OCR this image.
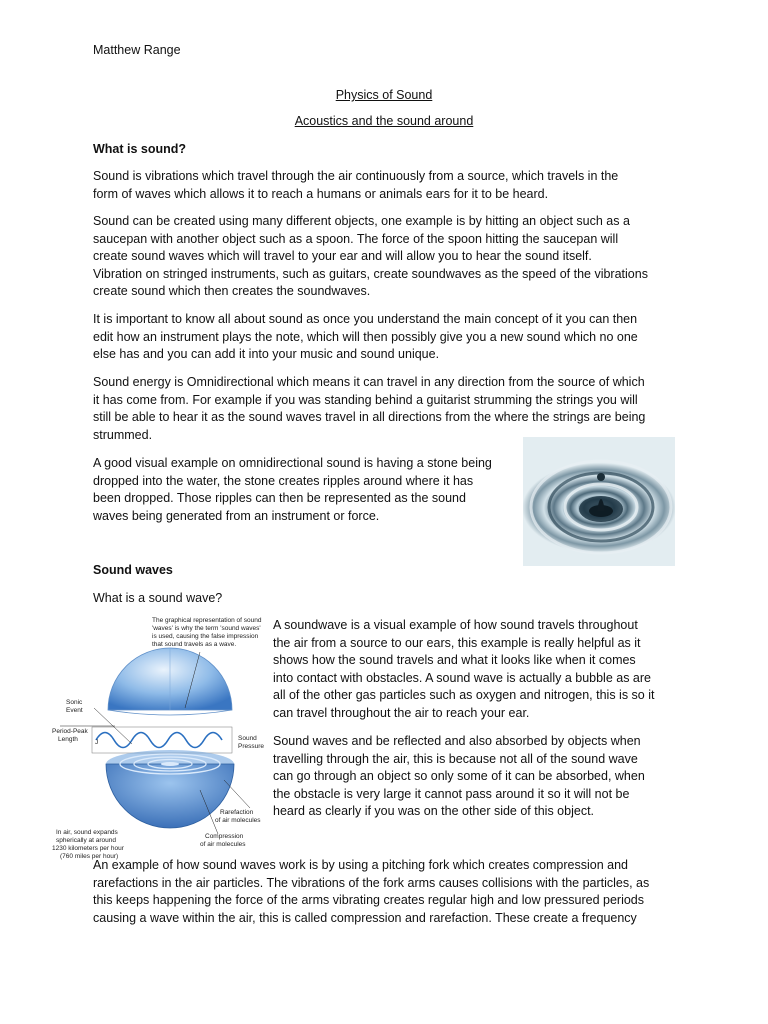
Matthew Range
Physics of Sound
Acoustics and the sound around
What is sound?

Sound is vibrations which travel through the air continuously from a source, which travels in the
form of waves which allows it to reach a humans or animals ears for it to be heard.

Sound can be created using many different objects, one example is by hitting an object such as a
saucepan with another object such as a spoon. The force of the spoon hitting the saucepan will
create sound waves which will travel to your ear and will allow you to hear the sound itself.
Vibration on stringed instruments, such as guitars, create soundwaves as the speed of the vibrations
create sound which then creates the soundwaves.

It is important to know all about sound as once you understand the main concept of it you can then
edit how an instrument plays the note, which will then possibly give you a new sound which no one
else has and you can add it into your music and sound unique.

Sound energy is Omnidirectional which means it can travel in any direction from the source of which
it has come from. For example if you was standing behind a guitarist strumming the strings you will
still be able to hear it as the sound waves travel in all directions from the where the strings are being
strummed.

A good visual example on omnidirectional sound is having a stone being
dropped into the water, the stone creates ripples around where it has
been dropped. Those ripples can then be represented as the sound
waves being generated from an instrument or force.

Sound waves
What is a sound wave?
The graphical representation of sound
'waves' is why the term 'sound waves'
is used, causing the false impression
that sound travels as a wave.
J
Sonic
Event
Period-Peak
Length	Sound
Pressure
Rarefaction
of air molecules
Compression
of air molecules
In air, sound expands
spherically at around
1230 kilometers per hour
(760 miles per hour)

A soundwave is a visual example of how sound travels throughout
the air from a source to our ears, this example is really helpful as it
shows how the sound travels and what it looks like when it comes
into contact with obstacles. A sound wave is actually a bubble as are
all of the other gas particles such as oxygen and nitrogen, this is so it
can travel throughout the air to reach your ear.

Sound waves and be reflected and also absorbed by objects when
travelling through the air, this is because not all of the sound wave
can go through an object so only some of it can be absorbed, when
the obstacle is very large it cannot pass around it so it will not be
heard as clearly if you was on the other side of this object.

An example of how sound waves work is by using a pitching fork which creates compression and
rarefactions in the air particles. The vibrations of the fork arms causes collisions with the particles, as
this keeps happening the force of the arms vibrating creates regular high and low pressured periods
causing a wave within the air, this is called compression and rarefaction. These create a frequency
